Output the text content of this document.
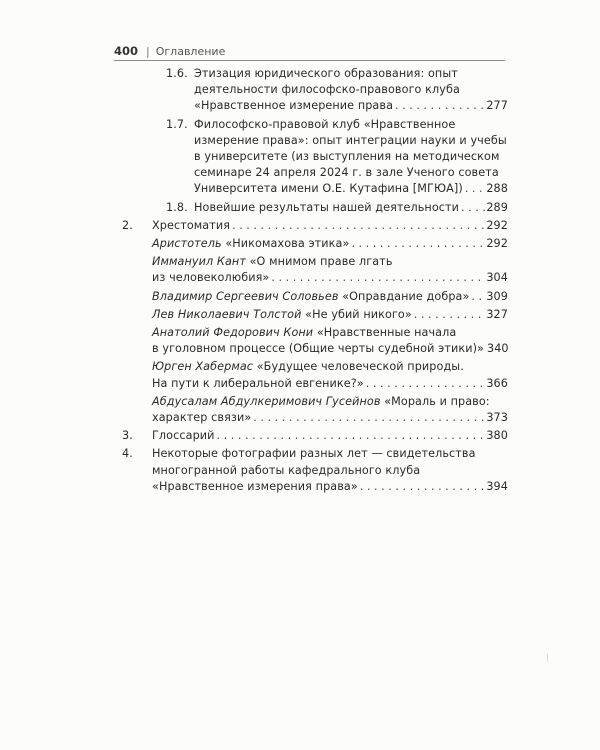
400 | Оглавление
1.6. Этизация юридического образования: опыт
деятельности философско-правового клуба
«Нравственное измерение права . . .	277
1.7. Философско-правовой клуб «Нравственное
измерение права»: опыт интеграции науки и учебы
в университете (из выступления на методическом
семинаре 24 апреля 2024 г. в зале Ученого совета
Университета имени О.Е. Кутафина [МГЮА]) . . . 288
1.8. Новейшие результаты нашей деятельности . . . 289
2. Хрестоматия . . .	292
Аристотель «Никомахова этика» . . .	292
Иммануил Кант «О мнимом праве лгать
из человеколюбия» . . .	304
Владимир Сергеевич Соловьев «Оправдание добра» . . . 309
Лев Николаевич Толстой «Не убий никого» . . .	327
Анатолий Федорович Кони «Нравственные начала
в уголовном процессе (Общие черты судебной этики)» 340
Юрген Хабермас «Будущее человеческой природы.
На пути к либеральной евгенике?» . . .	366
Абдусалам Абдулкеримович Гусейнов «Мораль и право:
характер связи» . . .	373
3. Глоссарий . . .	380
4. Некоторые фотографии разных лет — свидетельства
многогранной работы кафедрального клуба
«Нравственное измерения права» . . .	394
